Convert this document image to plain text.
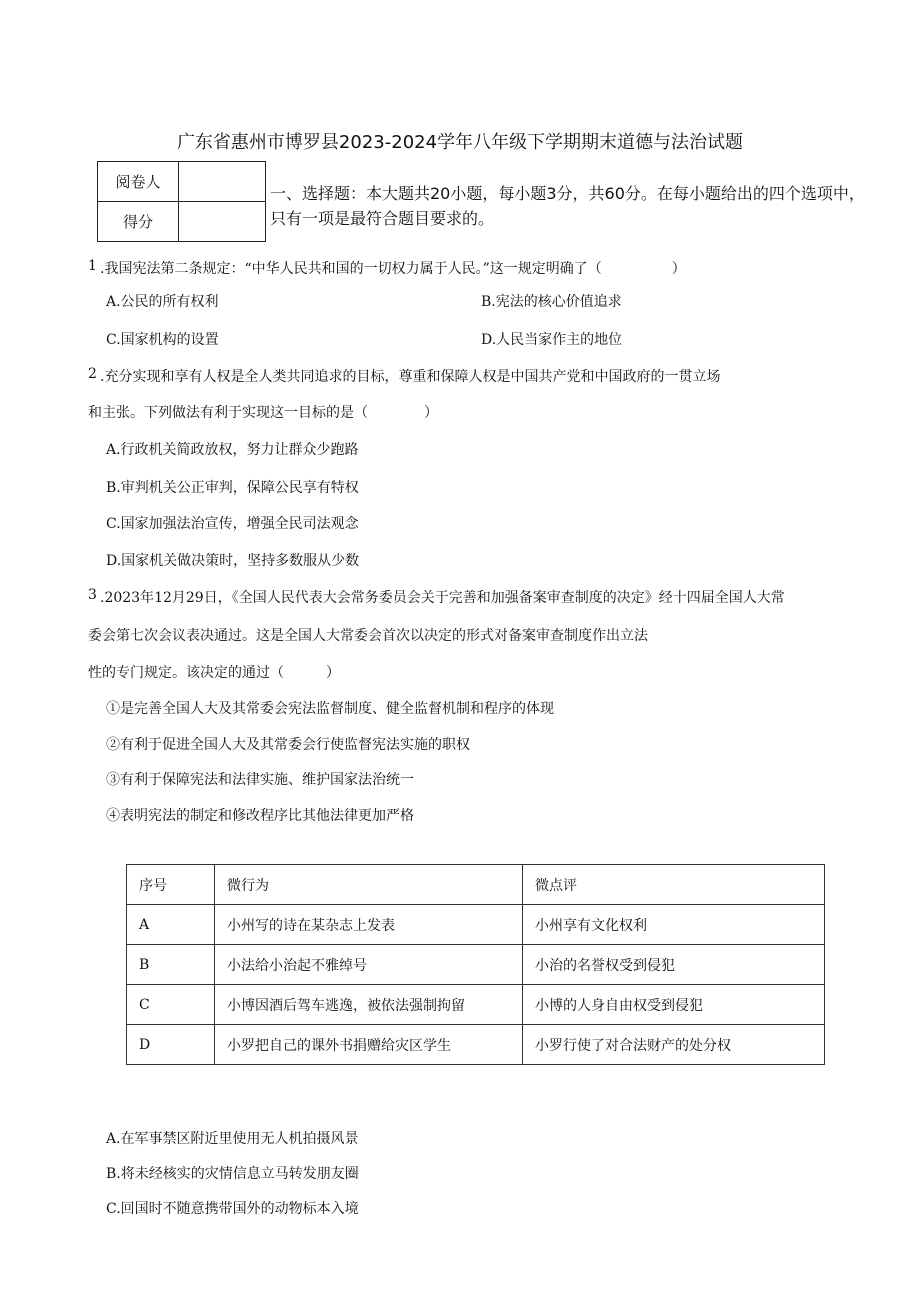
广东省惠州市博罗县2023-2024学年八年级下学期期末道德与法治试题
阅卷人	
得分	
一、选择题：本大题共20小题，每小题3分，共60分。在每小题给出的四个选项中，只有一项是最符合题目要求的。
1 .我国宪法第二条规定：“中华人民共和国的一切权力属于人民。”这一规定明确了（　　　　　）
A.公民的所有权利	B.宪法的核心价值追求
C.国家机构的设置	D.人民当家作主的地位
2 .充分实现和享有人权是全人类共同追求的目标，尊重和保障人权是中国共产党和中国政府的一贯立场
和主张。下列做法有利于实现这一目标的是（　　　　）
A.行政机关简政放权，努力让群众少跑路
B.审判机关公正审判，保障公民享有特权
C.国家加强法治宣传，增强全民司法观念
D.国家机关做决策时，坚持多数服从少数
3 .2023年12月29日，《全国人民代表大会常务委员会关于完善和加强备案审查制度的决定》经十四届全国人大常
委会第七次会议表决通过。这是全国人大常委会首次以决定的形式对备案审查制度作出立法
性的专门规定。该决定的通过（　　　）
①是完善全国人大及其常委会宪法监督制度、健全监督机制和程序的体现
②有利于促进全国人大及其常委会行使监督宪法实施的职权
③有利于保障宪法和法律实施、维护国家法治统一
④表明宪法的制定和修改程序比其他法律更加严格
序号	微行为	微点评
A	小州写的诗在某杂志上发表	小州享有文化权利
B	小法给小治起不雅绰号	小治的名誉权受到侵犯
C	小博因酒后驾车逃逸，被依法强制拘留	小博的人身自由权受到侵犯
D	小罗把自己的课外书捐赠给灾区学生	小罗行使了对合法财产的处分权
A.在军事禁区附近里使用无人机拍摄风景
B.将未经核实的灾情信息立马转发朋友圈
C.回国时不随意携带国外的动物标本入境
